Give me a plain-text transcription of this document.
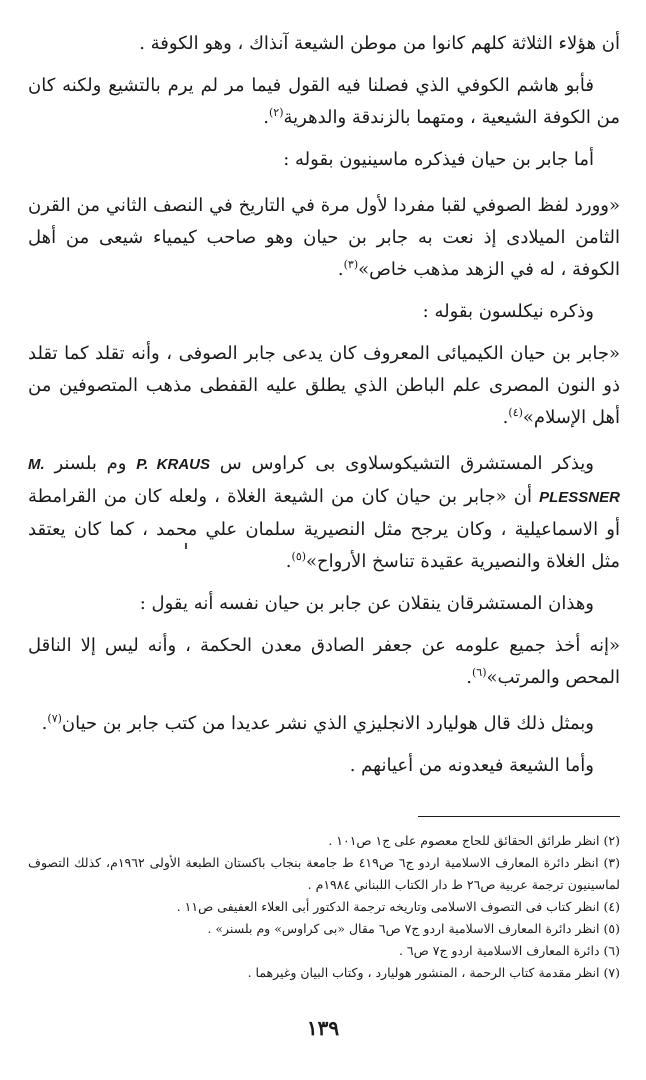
أن هؤلاء الثلاثة كلهم كانوا من موطن الشيعة آنذاك ، وهو الكوفة .

فأبو هاشم الكوفي الذي فصلنا فيه القول فيما مر لم يرم بالتشيع ولكنه كان من الكوفة الشيعية ، ومتهما بالزندقة والدهرية$^{(٢)}$.

أما جابر بن حيان فيذكره ماسينيون بقوله :

«وورد لفظ الصوفي لقبا مفردا لأول مرة في التاريخ في النصف الثاني من القرن الثامن الميلادى إذ نعت به جابر بن حيان وهو صاحب كيمياء شيعى من أهل الكوفة ، له في الزهد مذهب خاص»$^{(٣)}$.

وذكره نيكلسون بقوله :

«جابر بن حيان الكيميائى المعروف كان يدعى جابر الصوفى ، وأنه تقلد كما تقلد ذو النون المصرى علم الباطن الذي يطلق عليه القفطى مذهب المتصوفين من أهل الإسلام»$^{(٤)}$.

ويذكر المستشرق التشيكوسلاوى بى كراوس س P. KRAUS وم بلسنر M. PLESSNER أن «جابر بن حيان كان من الشيعة الغلاة ، ولعله كان من القرامطة أو الاسماعيلية ، وكان يرجح مثل النصيرية سلمان علي محمد ، كما كان يعتقد مثل الغلاة والنصيرية عقيدة تناسخ الأرواح»$^{(٥)}$.

وهذان المستشرقان ينقلان عن جابر بن حيان نفسه أنه يقول :

«إنه أخذ جميع علومه عن جعفر الصادق معدن الحكمة ، وأنه ليس إلا الناقل المحص والمرتب»$^{(٦)}$.

وبمثل ذلك قال هوليارد الانجليزي الذي نشر عديدا من كتب جابر بن حيان$^{(٧)}$.

وأما الشيعة فيعدونه من أعيانهم .

(٢) انظر طرائق الحقائق للحاج معصوم على ج١ ص١٠١ .

(٣) انظر دائرة المعارف الاسلامية اردو ج٦ ص٤١٩ ط جامعة بنجاب باكستان الطبعة الأولى ١٩٦٢م، كذلك التصوف لماسينيون ترجمة عربية ص٢٦ ط دار الكتاب اللبناني ١٩٨٤م .

(٤) انظر كتاب فى التصوف الاسلامى وتاريخه ترجمة الدكتور أبى العلاء العفيفى ص١١ .

(٥) انظر دائرة المعارف الاسلامية اردو ج٧ ص٦ مقال «بى كراوس» وم بلسنر» .

(٦) دائرة المعارف الاسلامية اردو ج٧ ص٦ .

(٧) انظر مقدمة كتاب الرحمة ، المنشور هوليارد ، وكتاب البيان وغيرهما .

١٣٩
